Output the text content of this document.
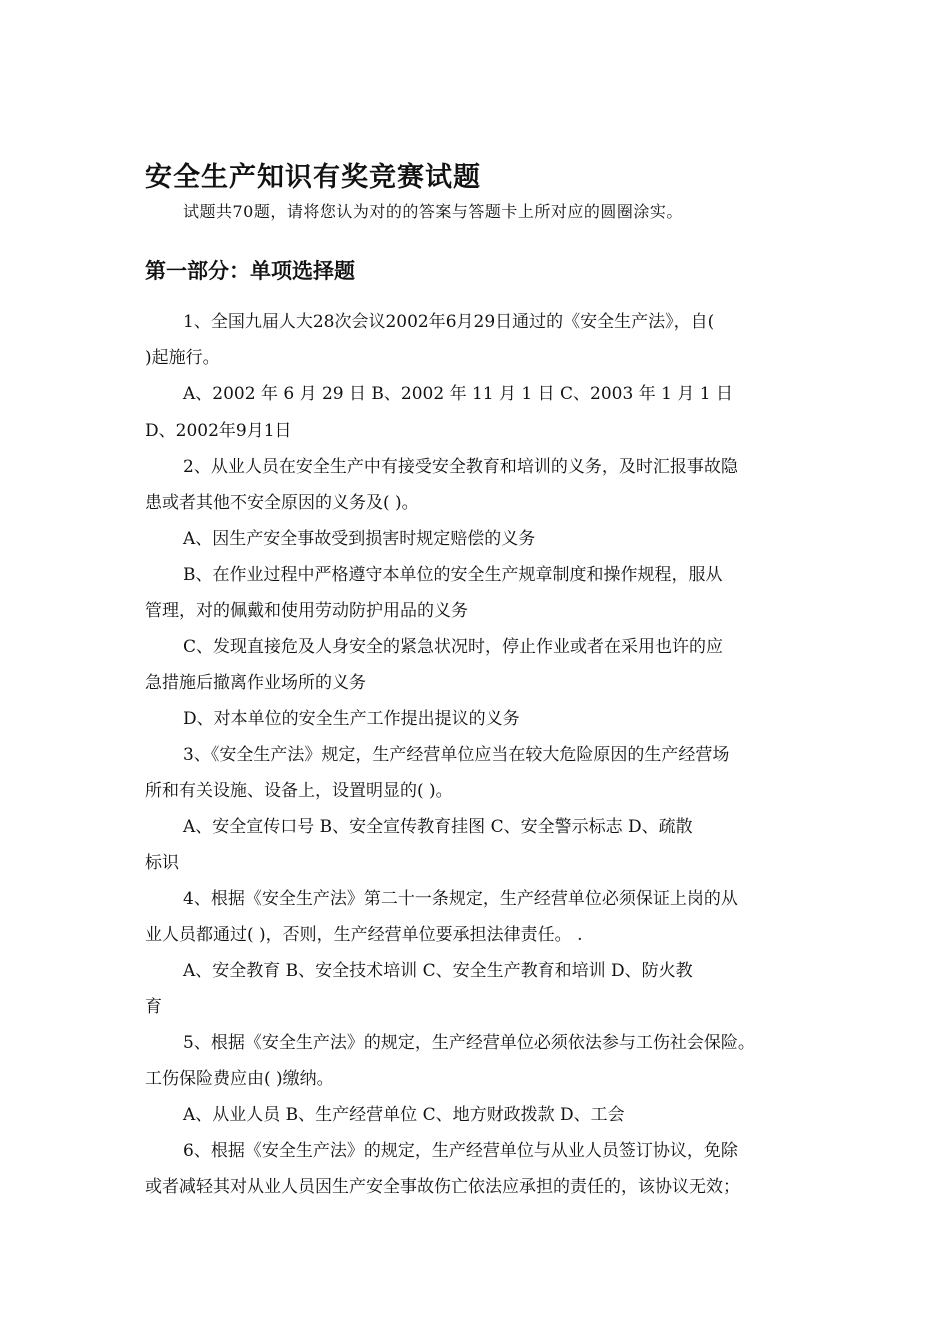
安全生产知识有奖竞赛试题
试题共70题，请将您认为对的的答案与答题卡上所对应的圆圈涂实。
第一部分：单项选择题
1、全国九届人大28次会议2002年6月29日通过的《安全生产法》，自(
)起施行。
A、2002 年 6 月 29 日 B、2002 年 11 月 1 日 C、2003 年 1 月 1 日
D、2002年9月1日
2、从业人员在安全生产中有接受安全教育和培训的义务，及时汇报事故隐
患或者其他不安全原因的义务及( )。
A、因生产安全事故受到损害时规定赔偿的义务
B、在作业过程中严格遵守本单位的安全生产规章制度和操作规程，服从
管理，对的佩戴和使用劳动防护用品的义务
C、发现直接危及人身安全的紧急状况时，停止作业或者在采用也许的应
急措施后撤离作业场所的义务
D、对本单位的安全生产工作提出提议的义务
3、《安全生产法》规定，生产经营单位应当在较大危险原因的生产经营场
所和有关设施、设备上，设置明显的( )。
A、安全宣传口号 B、安全宣传教育挂图 C、安全警示标志 D、疏散
标识
4、根据《安全生产法》第二十一条规定，生产经营单位必须保证上岗的从
业人员都通过( )，否则，生产经营单位要承担法律责任。 .
A、安全教育 B、安全技术培训 C、安全生产教育和培训 D、防火教
育
5、根据《安全生产法》的规定，生产经营单位必须依法参与工伤社会保险。
工伤保险费应由( )缴纳。
A、从业人员 B、生产经营单位 C、地方财政拨款 D、工会
6、根据《安全生产法》的规定，生产经营单位与从业人员签订协议，免除
或者减轻其对从业人员因生产安全事故伤亡依法应承担的责任的，该协议无效；
